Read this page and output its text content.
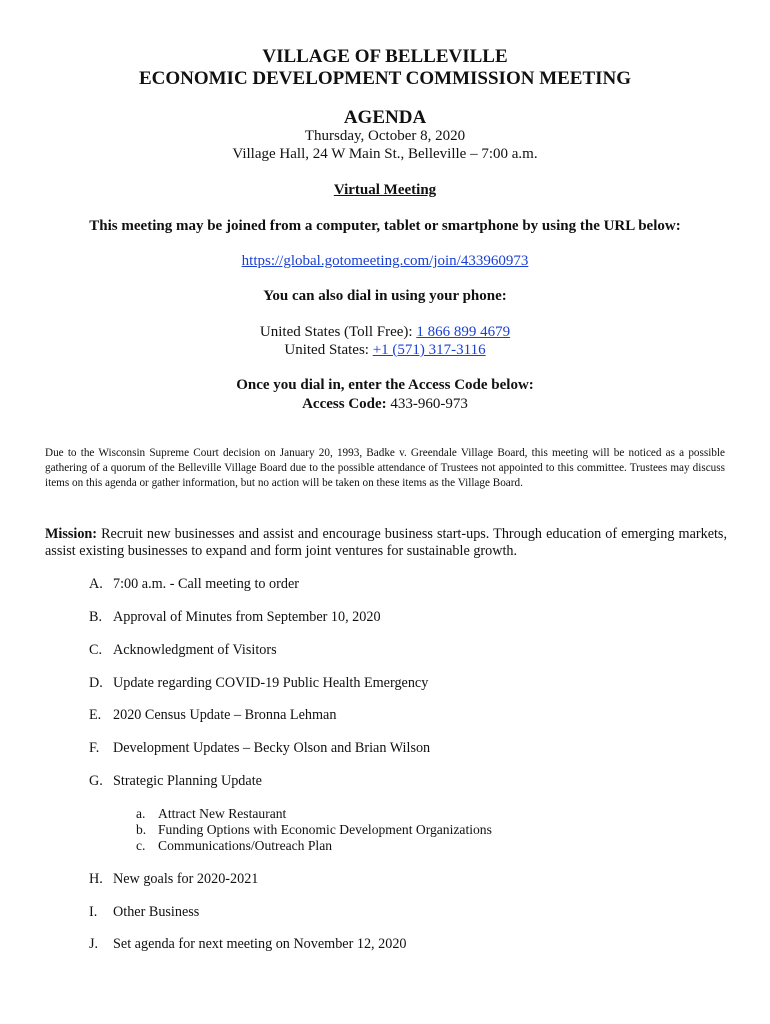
VILLAGE OF BELLEVILLE
ECONOMIC DEVELOPMENT COMMISSION MEETING
AGENDA
Thursday, October 8, 2020
Village Hall, 24 W Main St., Belleville – 7:00 a.m.
Virtual Meeting
This meeting may be joined from a computer, tablet or smartphone by using the URL below:
https://global.gotomeeting.com/join/433960973
You can also dial in using your phone:
United States (Toll Free): 1 866 899 4679
United States: +1 (571) 317-3116
Once you dial in, enter the Access Code below:
Access Code: 433-960-973
Due to the Wisconsin Supreme Court decision on January 20, 1993, Badke v. Greendale Village Board, this meeting will be noticed as a possible gathering of a quorum of the Belleville Village Board due to the possible attendance of Trustees not appointed to this committee. Trustees may discuss items on this agenda or gather information, but no action will be taken on these items as the Village Board.
Mission: Recruit new businesses and assist and encourage business start-ups. Through education of emerging markets, assist existing businesses to expand and form joint ventures for sustainable growth.
A. 7:00 a.m. - Call meeting to order
B. Approval of Minutes from September 10, 2020
C. Acknowledgment of Visitors
D. Update regarding COVID-19 Public Health Emergency
E. 2020 Census Update – Bronna Lehman
F. Development Updates – Becky Olson and Brian Wilson
G. Strategic Planning Update
a. Attract New Restaurant
b. Funding Options with Economic Development Organizations
c. Communications/Outreach Plan
H. New goals for 2020-2021
I. Other Business
J. Set agenda for next meeting on November 12, 2020
